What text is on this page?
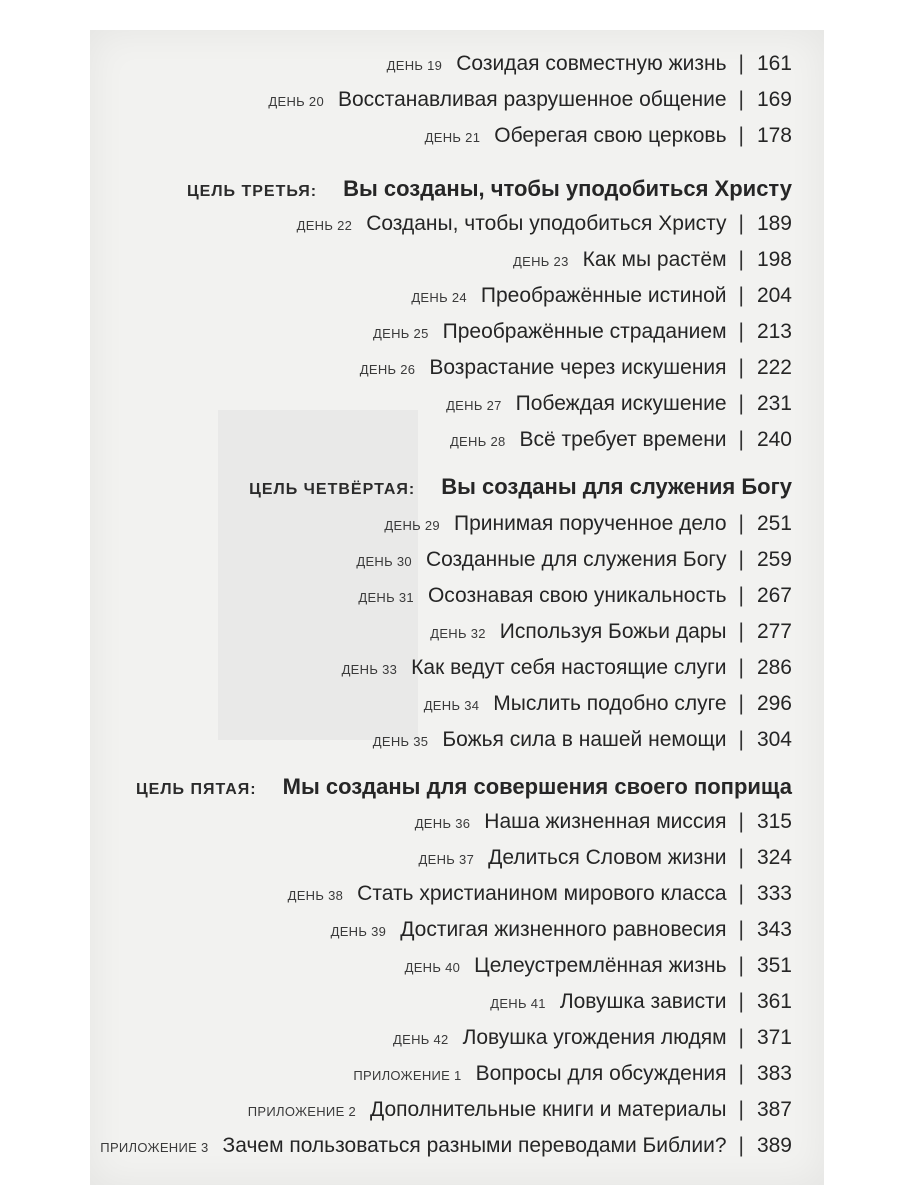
ДЕНЬ 19 Созидая совместную жизнь | 161
ДЕНЬ 20 Восстанавливая разрушенное общение | 169
ДЕНЬ 21 Оберегая свою церковь | 178
ЦЕЛЬ ТРЕТЬЯ: Вы созданы, чтобы уподобиться Христу
ДЕНЬ 22 Созданы, чтобы уподобиться Христу | 189
ДЕНЬ 23 Как мы растём | 198
ДЕНЬ 24 Преображённые истиной | 204
ДЕНЬ 25 Преображённые страданием | 213
ДЕНЬ 26 Возрастание через искушения | 222
ДЕНЬ 27 Побеждая искушение | 231
ДЕНЬ 28 Всё требует времени | 240
ЦЕЛЬ ЧЕТВЁРТАЯ: Вы созданы для служения Богу
ДЕНЬ 29 Принимая порученное дело | 251
ДЕНЬ 30 Созданные для служения Богу | 259
ДЕНЬ 31 Осознавая свою уникальность | 267
ДЕНЬ 32 Используя Божьи дары | 277
ДЕНЬ 33 Как ведут себя настоящие слуги | 286
ДЕНЬ 34 Мыслить подобно слуге | 296
ДЕНЬ 35 Божья сила в нашей немощи | 304
ЦЕЛЬ ПЯТАЯ: Мы созданы для совершения своего поприща
ДЕНЬ 36 Наша жизненная миссия | 315
ДЕНЬ 37 Делиться Словом жизни | 324
ДЕНЬ 38 Стать христианином мирового класса | 333
ДЕНЬ 39 Достигая жизненного равновесия | 343
ДЕНЬ 40 Целеустремлённая жизнь | 351
ДЕНЬ 41 Ловушка зависти | 361
ДЕНЬ 42 Ловушка угождения людям | 371
ПРИЛОЖЕНИЕ 1 Вопросы для обсуждения | 383
ПРИЛОЖЕНИЕ 2 Дополнительные книги и материалы | 387
ПРИЛОЖЕНИЕ 3 Зачем пользоваться разными переводами Библии? | 389
